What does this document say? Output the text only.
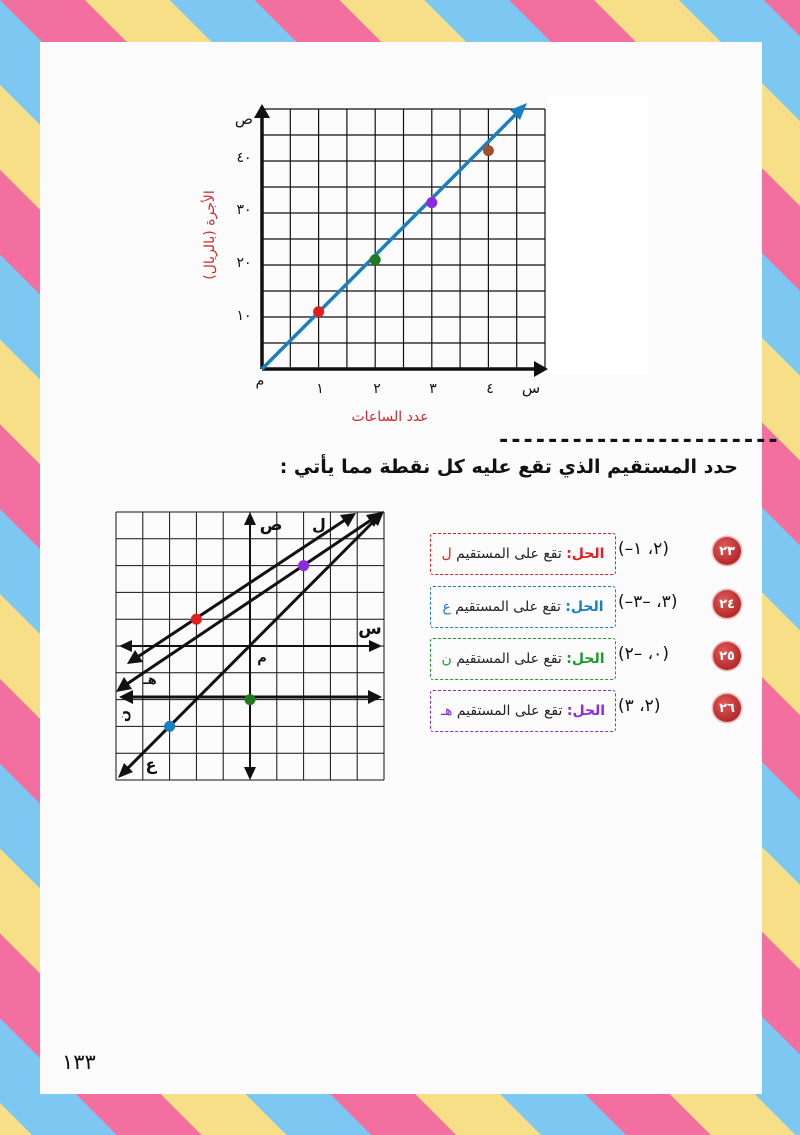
ص
م	س
١٠
٢٠
٣٠
٤٠
١	٢	٣	٤
الأجرة (بالريال)
عدد الساعات
-----------------------
حدد المستقيم الذي تقع عليه كل نقطة مما يأتي :
ص
س
م
ل
هـ
ن
ع
الحل:

تقع على المستقيم

ل	(–٢، ١)	٢٣
الحل:

تقع على المستقيم

ع	(–٣، –٣)	٢٤
الحل:

تقع على المستقيم

ن	(٠، –٢)	٢٥
الحل:

تقع على المستقيم

هـ	(٢، ٣)	٢٦
١٣٣
